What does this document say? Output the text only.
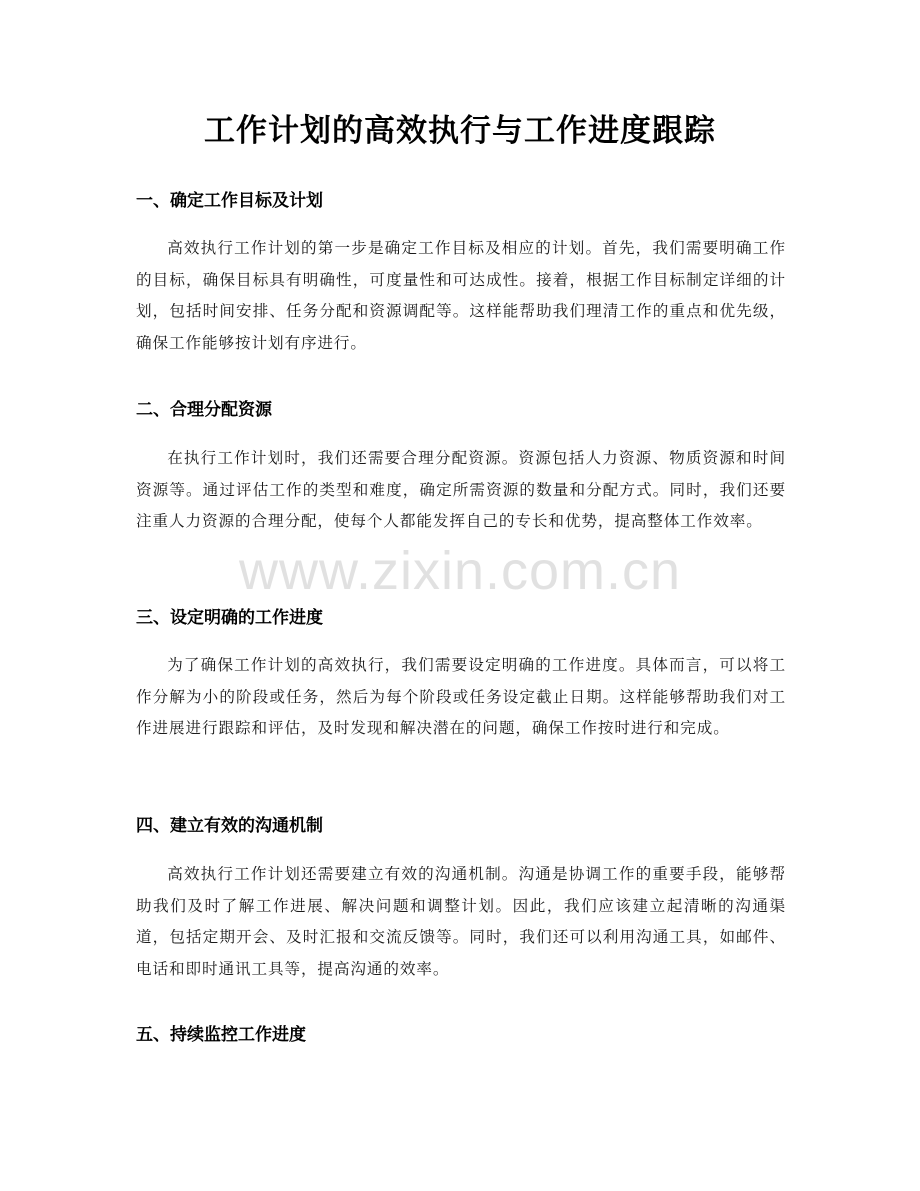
工作计划的高效执行与工作进度跟踪
一、确定工作目标及计划

高效执行工作计划的第一步是确定工作目标及相应的计划。首先，我们需要明确工作的目标，确保目标具有明确性，可度量性和可达成性。接着，根据工作目标制定详细的计划，包括时间安排、任务分配和资源调配等。这样能帮助我们理清工作的重点和优先级，确保工作能够按计划有序进行。

二、合理分配资源

在执行工作计划时，我们还需要合理分配资源。资源包括人力资源、物质资源和时间资源等。通过评估工作的类型和难度，确定所需资源的数量和分配方式。同时，我们还要注重人力资源的合理分配，使每个人都能发挥自己的专长和优势，提高整体工作效率。

三、设定明确的工作进度

为了确保工作计划的高效执行，我们需要设定明确的工作进度。具体而言，可以将工作分解为小的阶段或任务，然后为每个阶段或任务设定截止日期。这样能够帮助我们对工作进展进行跟踪和评估，及时发现和解决潜在的问题，确保工作按时进行和完成。

四、建立有效的沟通机制

高效执行工作计划还需要建立有效的沟通机制。沟通是协调工作的重要手段，能够帮助我们及时了解工作进展、解决问题和调整计划。因此，我们应该建立起清晰的沟通渠道，包括定期开会、及时汇报和交流反馈等。同时，我们还可以利用沟通工具，如邮件、电话和即时通讯工具等，提高沟通的效率。

五、持续监控工作进度
www.zixin.com.cn
